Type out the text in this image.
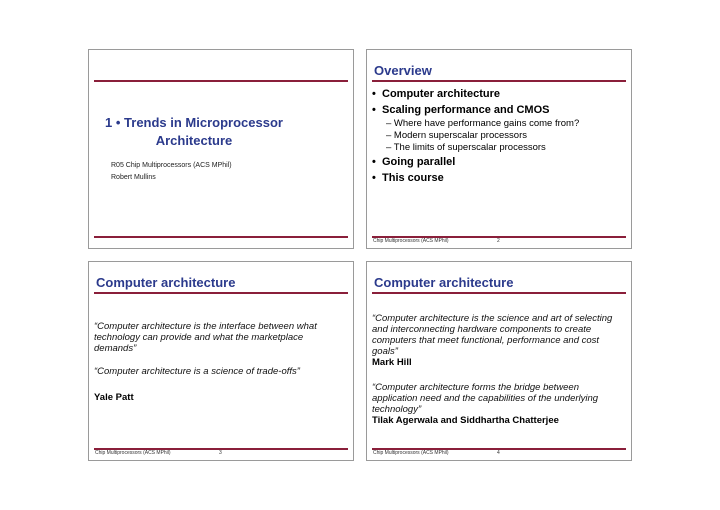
1 • Trends in Microprocessor
Architecture
R05 Chip Multiprocessors (ACS MPhil)
Robert Mullins
Overview
• Computer architecture
• Scaling performance and CMOS
– Where have performance gains come from?
– Modern superscalar processors
– The limits of superscalar processors
• Going parallel
• This course
Chip Multiprocessors (ACS MPhil)	2
Computer architecture
“Computer architecture is the interface between what technology can provide and what the marketplace demands”
“Computer architecture is a science of trade-offs”
Yale Patt
Chip Multiprocessors (ACS MPhil)	3
Computer architecture
“Computer architecture is the science and art of selecting and interconnecting hardware components to create computers that meet functional, performance and cost goals”
Mark Hill
“Computer architecture forms the bridge between application need and the capabilities of the underlying technology”
Tilak Agerwala and Siddhartha Chatterjee
Chip Multiprocessors (ACS MPhil)	4
